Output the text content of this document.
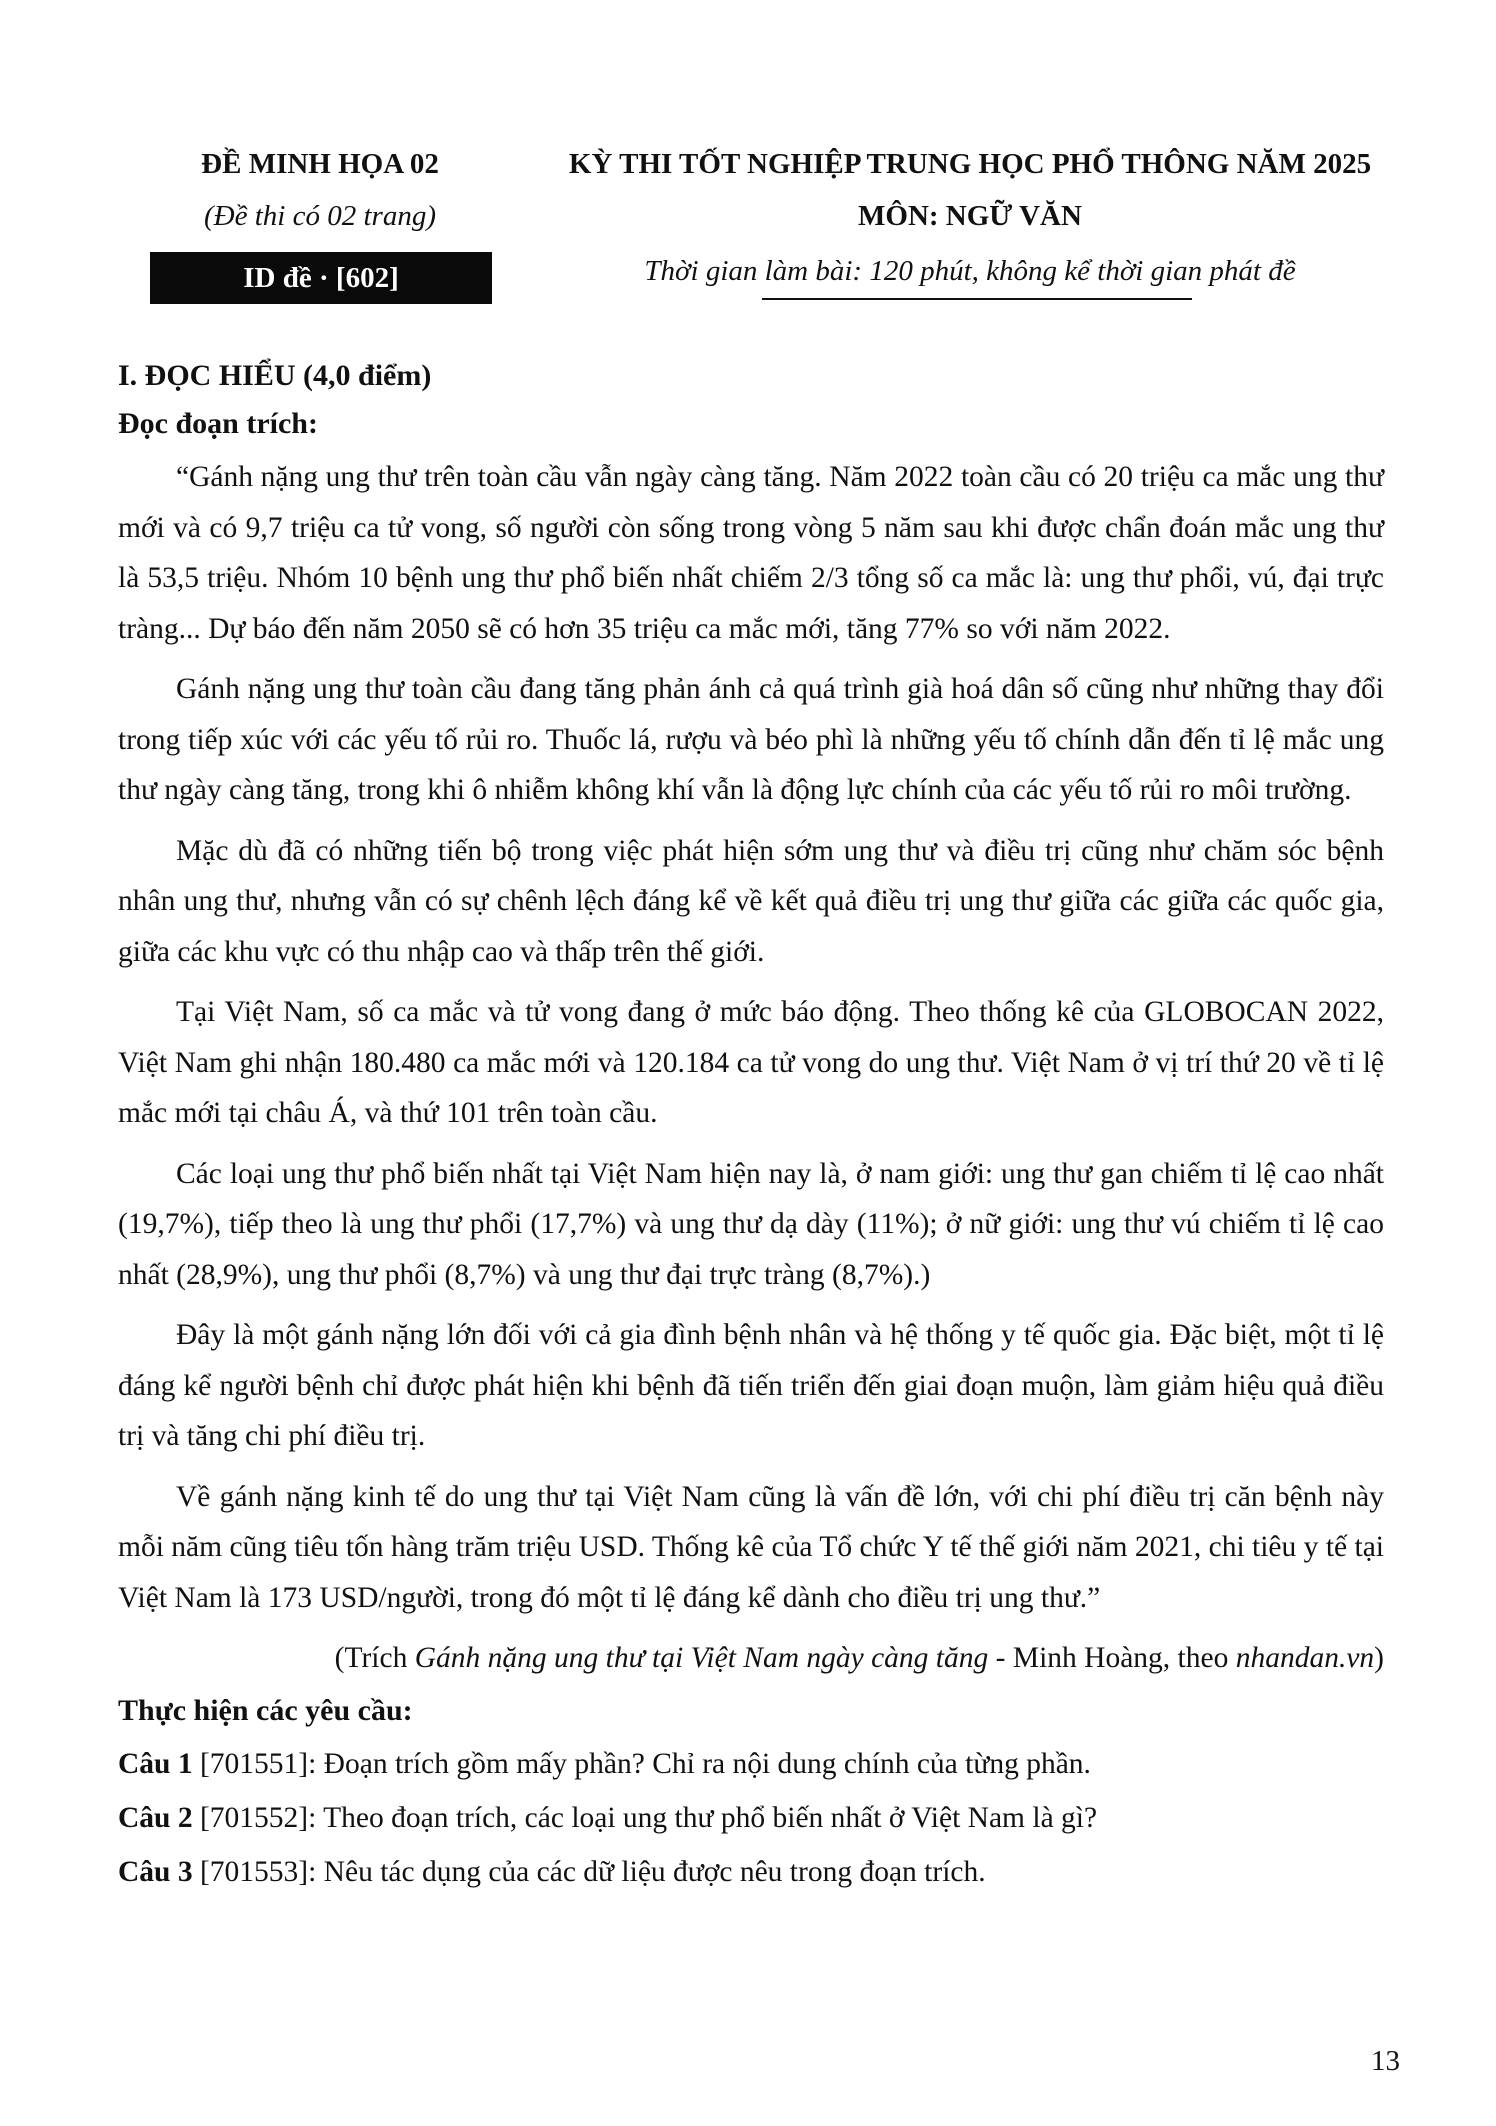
ĐỀ MINH HỌA 02
(Đề thi có 02 trang)
ID đề · [602]
KỲ THI TỐT NGHIỆP TRUNG HỌC PHỔ THÔNG NĂM 2025
MÔN: NGỮ VĂN
Thời gian làm bài: 120 phút, không kể thời gian phát đề

I. ĐỌC HIỂU (4,0 điểm)

Đọc đoạn trích:

“Gánh nặng ung thư trên toàn cầu vẫn ngày càng tăng. Năm 2022 toàn cầu có 20 triệu ca mắc ung thư mới và có 9,7 triệu ca tử vong, số người còn sống trong vòng 5 năm sau khi được chẩn đoán mắc ung thư là 53,5 triệu. Nhóm 10 bệnh ung thư phổ biến nhất chiếm 2/3 tổng số ca mắc là: ung thư phổi, vú, đại trực tràng... Dự báo đến năm 2050 sẽ có hơn 35 triệu ca mắc mới, tăng 77% so với năm 2022.

Gánh nặng ung thư toàn cầu đang tăng phản ánh cả quá trình già hoá dân số cũng như những thay đổi trong tiếp xúc với các yếu tố rủi ro. Thuốc lá, rượu và béo phì là những yếu tố chính dẫn đến tỉ lệ mắc ung thư ngày càng tăng, trong khi ô nhiễm không khí vẫn là động lực chính của các yếu tố rủi ro môi trường.

Mặc dù đã có những tiến bộ trong việc phát hiện sớm ung thư và điều trị cũng như chăm sóc bệnh nhân ung thư, nhưng vẫn có sự chênh lệch đáng kể về kết quả điều trị ung thư giữa các giữa các quốc gia, giữa các khu vực có thu nhập cao và thấp trên thế giới.

Tại Việt Nam, số ca mắc và tử vong đang ở mức báo động. Theo thống kê của GLOBOCAN 2022, Việt Nam ghi nhận 180.480 ca mắc mới và 120.184 ca tử vong do ung thư. Việt Nam ở vị trí thứ 20 về tỉ lệ mắc mới tại châu Á, và thứ 101 trên toàn cầu.

Các loại ung thư phổ biến nhất tại Việt Nam hiện nay là, ở nam giới: ung thư gan chiếm tỉ lệ cao nhất (19,7%), tiếp theo là ung thư phổi (17,7%) và ung thư dạ dày (11%); ở nữ giới: ung thư vú chiếm tỉ lệ cao nhất (28,9%), ung thư phổi (8,7%) và ung thư đại trực tràng (8,7%).)

Đây là một gánh nặng lớn đối với cả gia đình bệnh nhân và hệ thống y tế quốc gia. Đặc biệt, một tỉ lệ đáng kể người bệnh chỉ được phát hiện khi bệnh đã tiến triển đến giai đoạn muộn, làm giảm hiệu quả điều trị và tăng chi phí điều trị.

Về gánh nặng kinh tế do ung thư tại Việt Nam cũng là vấn đề lớn, với chi phí điều trị căn bệnh này mỗi năm cũng tiêu tốn hàng trăm triệu USD. Thống kê của Tổ chức Y tế thế giới năm 2021, chi tiêu y tế tại Việt Nam là 173 USD/người, trong đó một tỉ lệ đáng kể dành cho điều trị ung thư.”

(Trích Gánh nặng ung thư tại Việt Nam ngày càng tăng - Minh Hoàng, theo nhandan.vn)

Thực hiện các yêu cầu:

Câu 1 [701551]: Đoạn trích gồm mấy phần? Chỉ ra nội dung chính của từng phần.

Câu 2 [701552]: Theo đoạn trích, các loại ung thư phổ biến nhất ở Việt Nam là gì?

Câu 3 [701553]: Nêu tác dụng của các dữ liệu được nêu trong đoạn trích.

13
